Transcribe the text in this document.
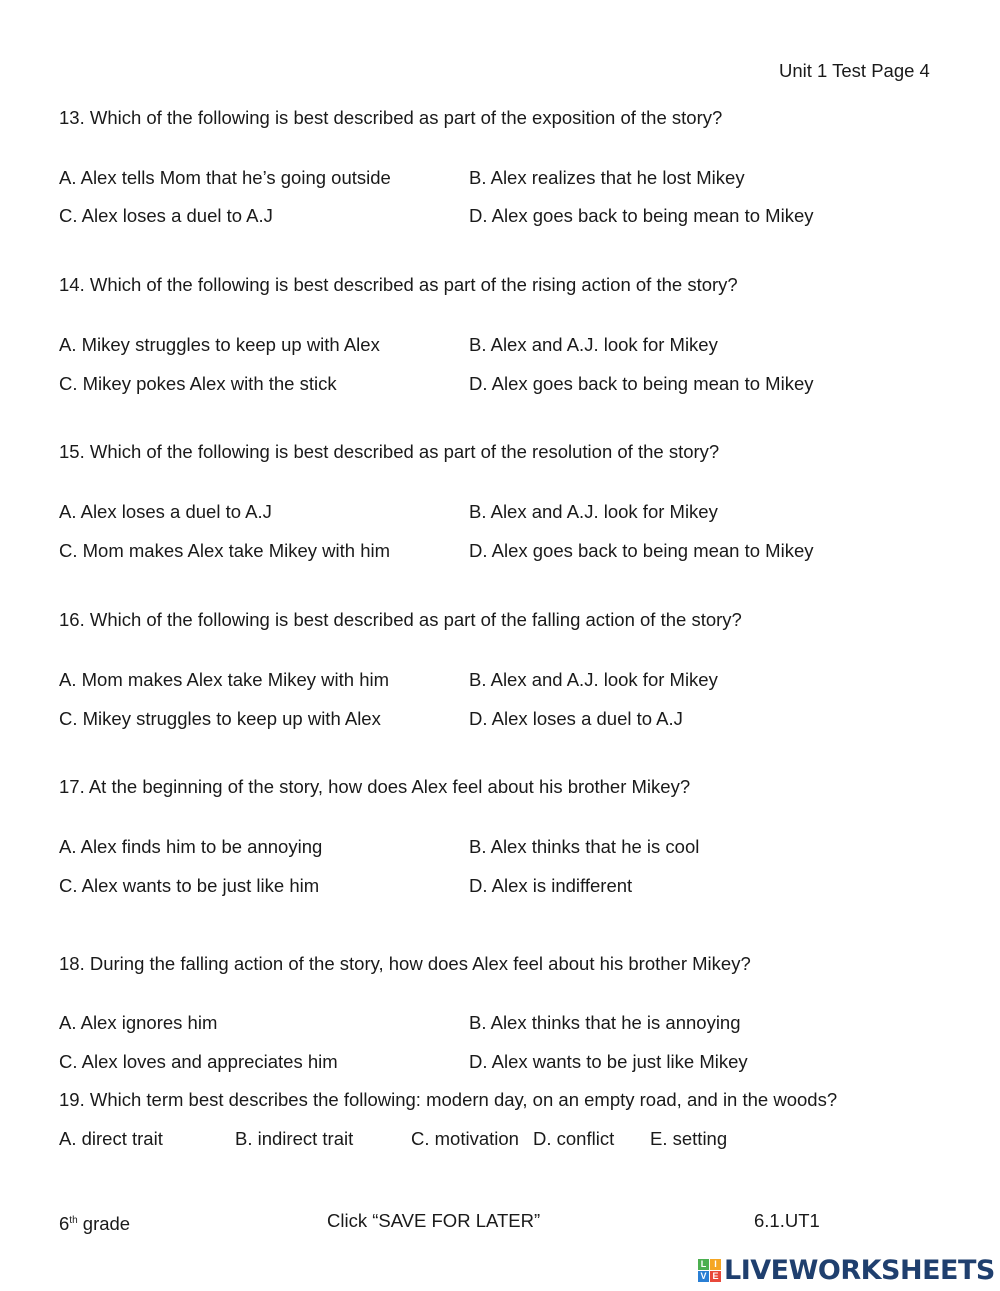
Unit 1 Test Page 4
13. Which of the following is best described as part of the exposition of the story?
A. Alex tells Mom that he’s going outside	B. Alex realizes that he lost Mikey
C. Alex loses a duel to A.J	D. Alex goes back to being mean to Mikey
14. Which of the following is best described as part of the rising action of the story?
A. Mikey struggles to keep up with Alex	B. Alex and A.J. look for Mikey
C. Mikey pokes Alex with the stick	D. Alex goes back to being mean to Mikey
15. Which of the following is best described as part of the resolution of the story?
A. Alex loses a duel to A.J	B. Alex and A.J. look for Mikey
C. Mom makes Alex take Mikey with him	D. Alex goes back to being mean to Mikey
16. Which of the following is best described as part of the falling action of the story?
A. Mom makes Alex take Mikey with him	B. Alex and A.J. look for Mikey
C. Mikey struggles to keep up with Alex	D. Alex loses a duel to A.J
17. At the beginning of the story, how does Alex feel about his brother Mikey?
A. Alex finds him to be annoying	B. Alex thinks that he is cool
C. Alex wants to be just like him	D. Alex is indifferent
18. During the falling action of the story, how does Alex feel about his brother Mikey?
A. Alex ignores him	B. Alex thinks that he is annoying
C. Alex loves and appreciates him	D. Alex wants to be just like Mikey
19. Which term best describes the following: modern day, on an empty road, and in the woods?
A. direct trait	B. indirect trait	C. motivation D. conflict E. setting
6th grade	Click “SAVE FOR LATER”	6.1.UT1
L I
V E LIVEWORKSHEETS
